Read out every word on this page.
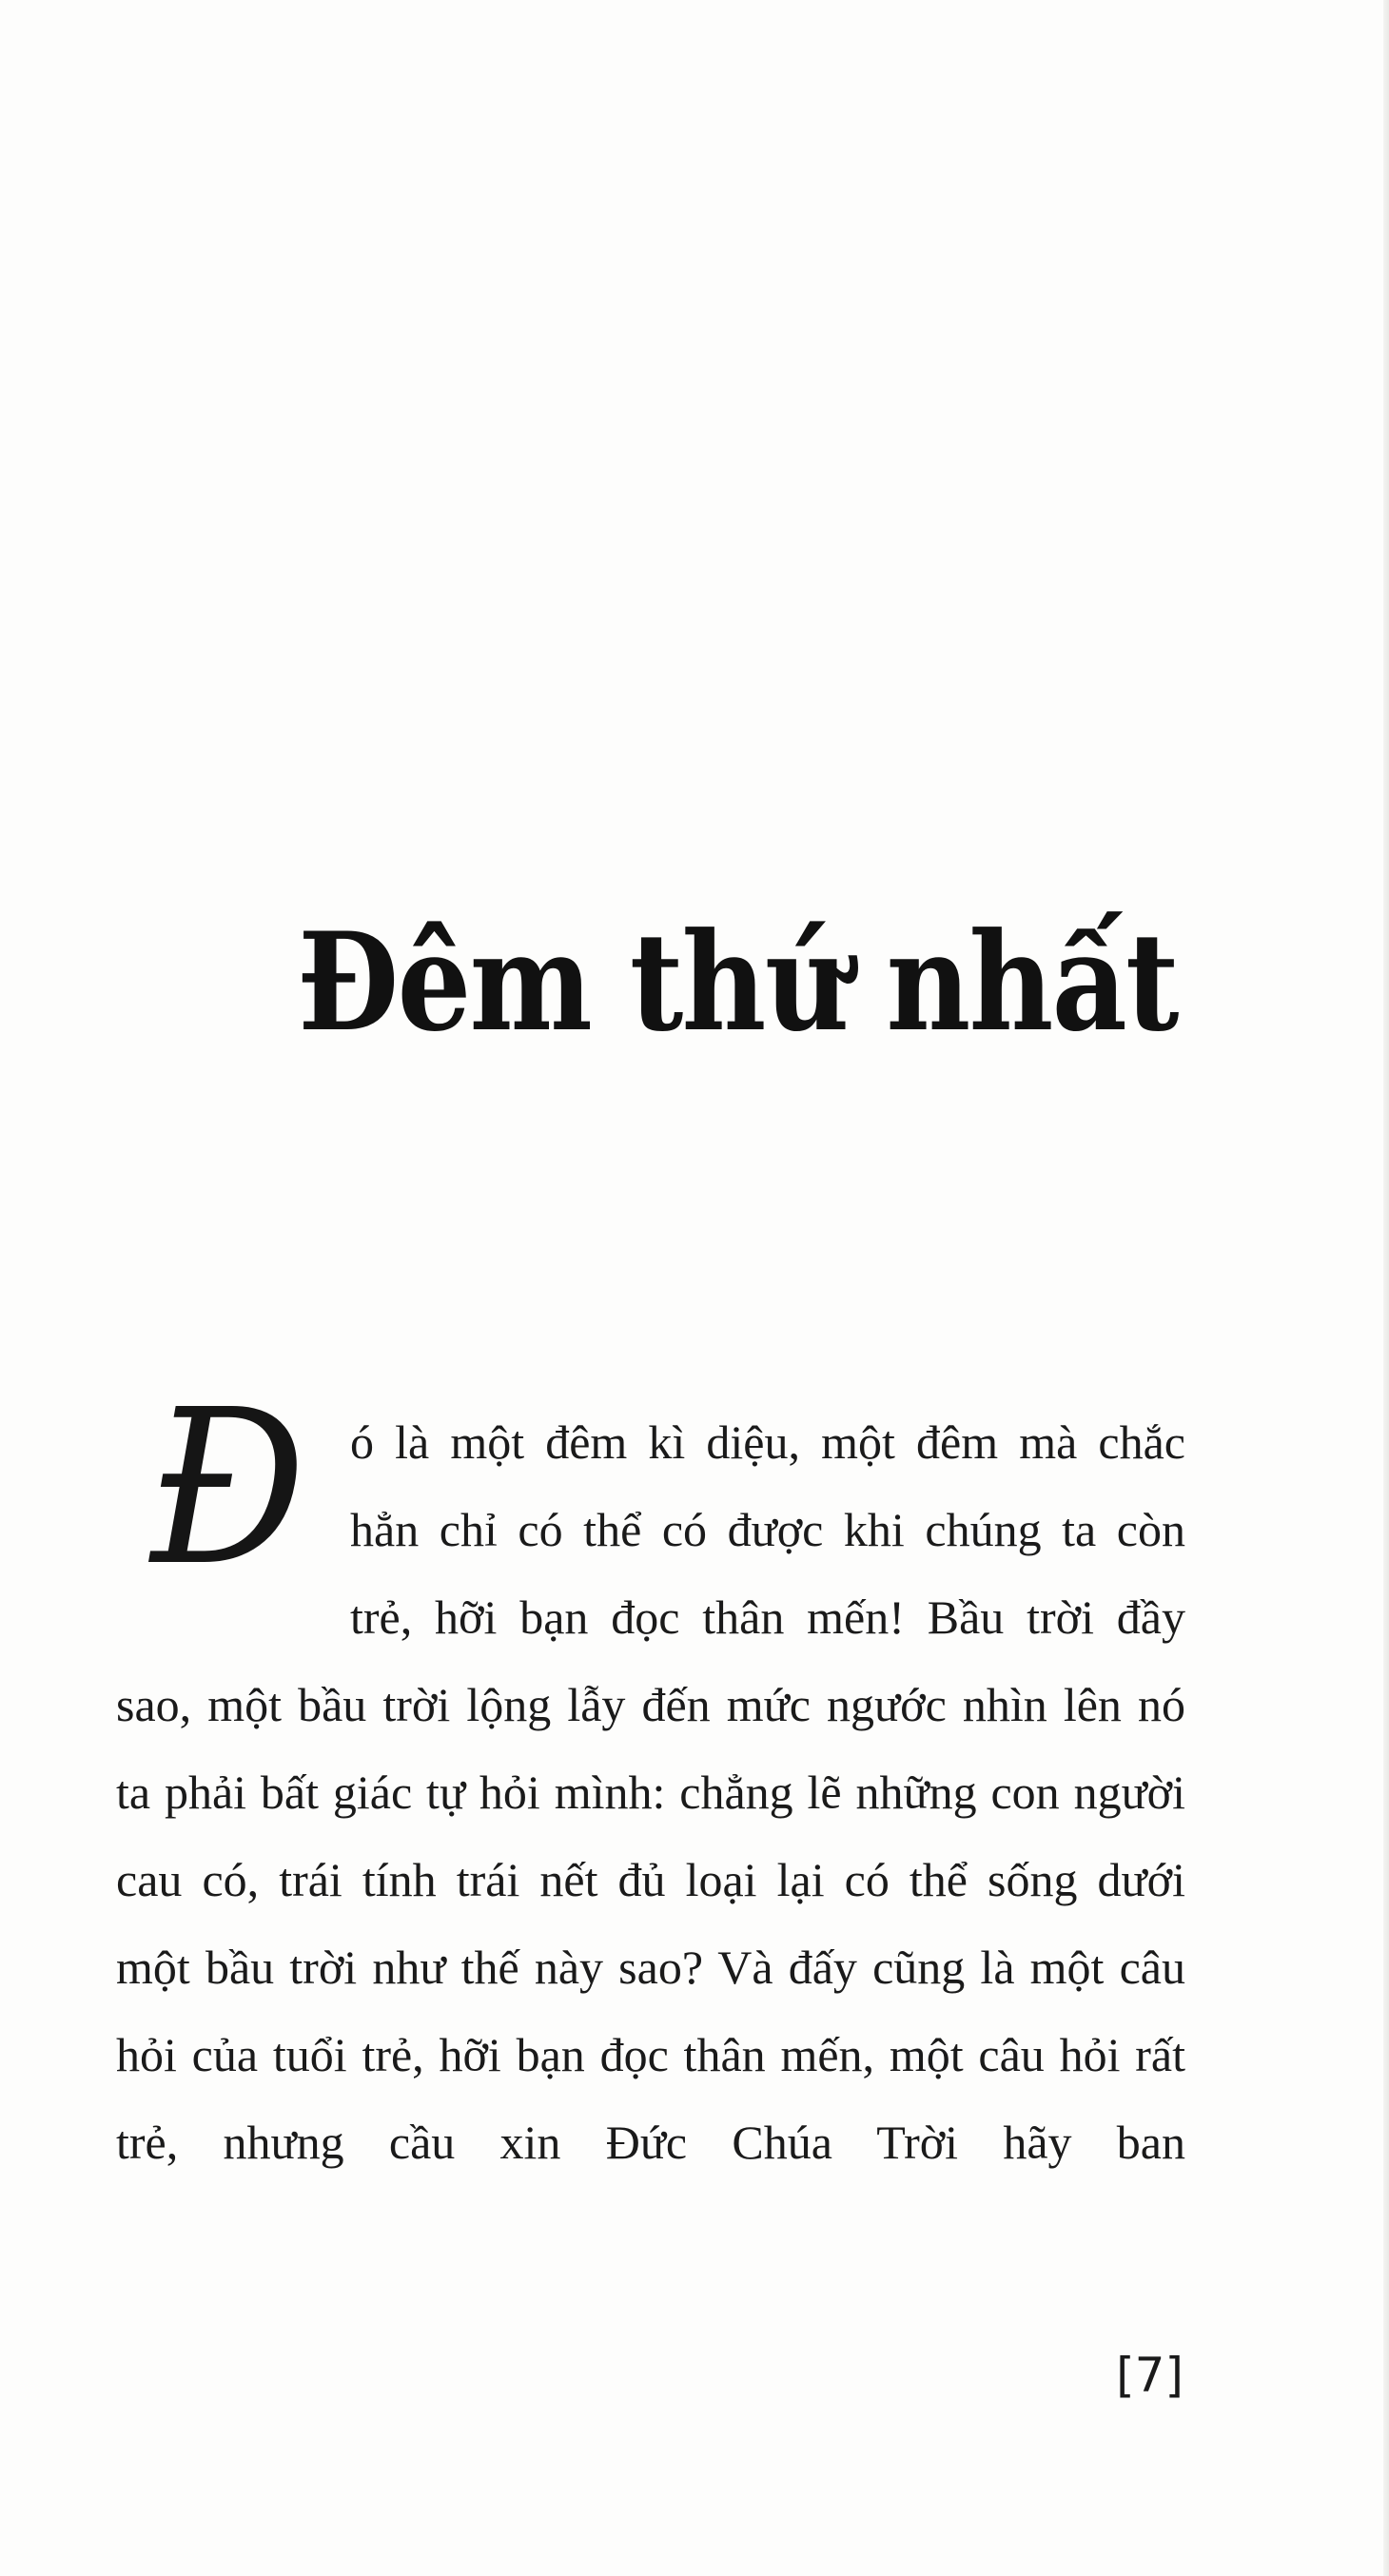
Đêm thứ nhất
Đ ó là một đêm kì diệu, một đêm mà chắc hẳn chỉ có thể có được khi chúng ta còn trẻ, hỡi bạn đọc thân mến! Bầu trời đầy sao, một bầu trời lộng lẫy đến mức ngước nhìn lên nó ta phải bất giác tự hỏi mình: chẳng lẽ những con người cau có, trái tính trái nết đủ loại lại có thể sống dưới một bầu trời như thế này sao? Và đấy cũng là một câu hỏi của tuổi trẻ, hỡi bạn đọc thân mến, một câu hỏi rất trẻ, nhưng cầu xin Đức Chúa Trời hãy ban

[7]
